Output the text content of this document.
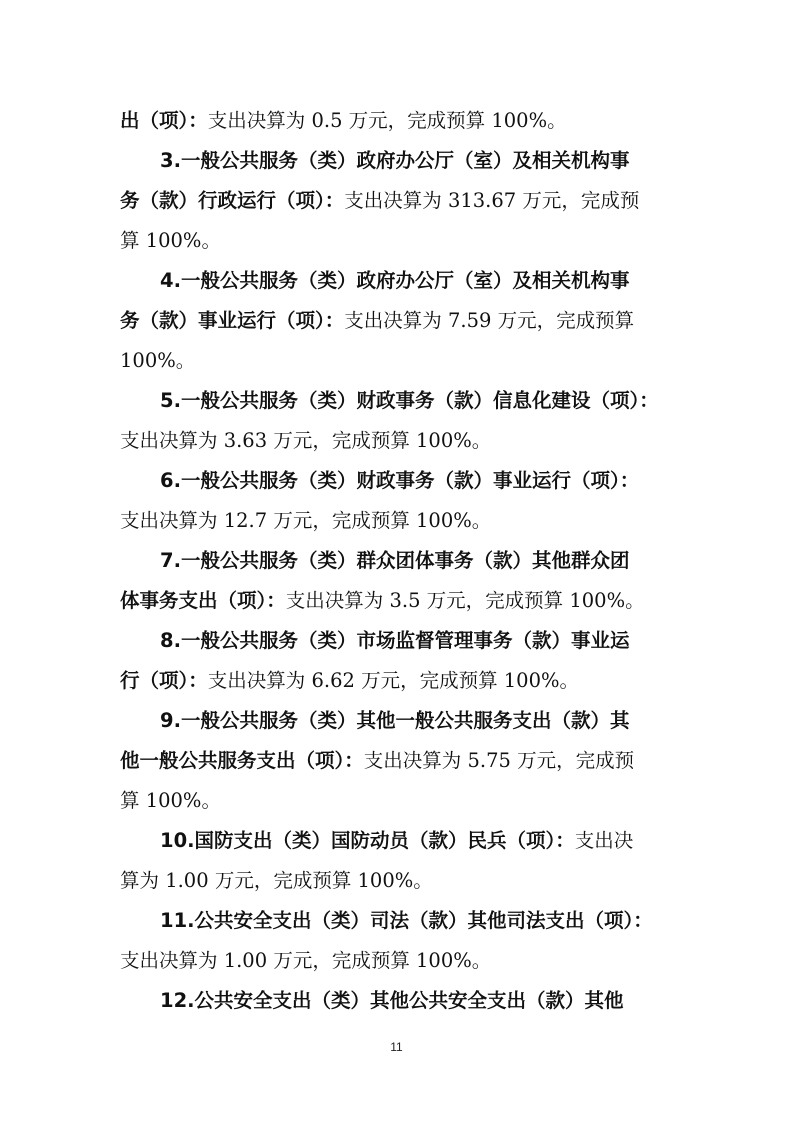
出（项）：支出决算为 0.5 万元，完成预算 100%。
3.一般公共服务（类）政府办公厅（室）及相关机构事
务（款）行政运行（项）：支出决算为 313.67 万元，完成预
算 100%。
4.一般公共服务（类）政府办公厅（室）及相关机构事
务（款）事业运行（项）：支出决算为 7.59 万元，完成预算
100%。
5.一般公共服务（类）财政事务（款）信息化建设（项）：
支出决算为 3.63 万元，完成预算 100%。
6.一般公共服务（类）财政事务（款）事业运行（项）：
支出决算为 12.7 万元，完成预算 100%。
7.一般公共服务（类）群众团体事务（款）其他群众团
体事务支出（项）：支出决算为 3.5 万元，完成预算 100%。
8.一般公共服务（类）市场监督管理事务（款）事业运
行（项）：支出决算为 6.62 万元，完成预算 100%。
9.一般公共服务（类）其他一般公共服务支出（款）其
他一般公共服务支出（项）：支出决算为 5.75 万元，完成预
算 100%。
10.国防支出（类）国防动员（款）民兵（项）：支出决
算为 1.00 万元，完成预算 100%。
11.公共安全支出（类）司法（款）其他司法支出（项）：
支出决算为 1.00 万元，完成预算 100%。
12.公共安全支出（类）其他公共安全支出（款）其他
11
